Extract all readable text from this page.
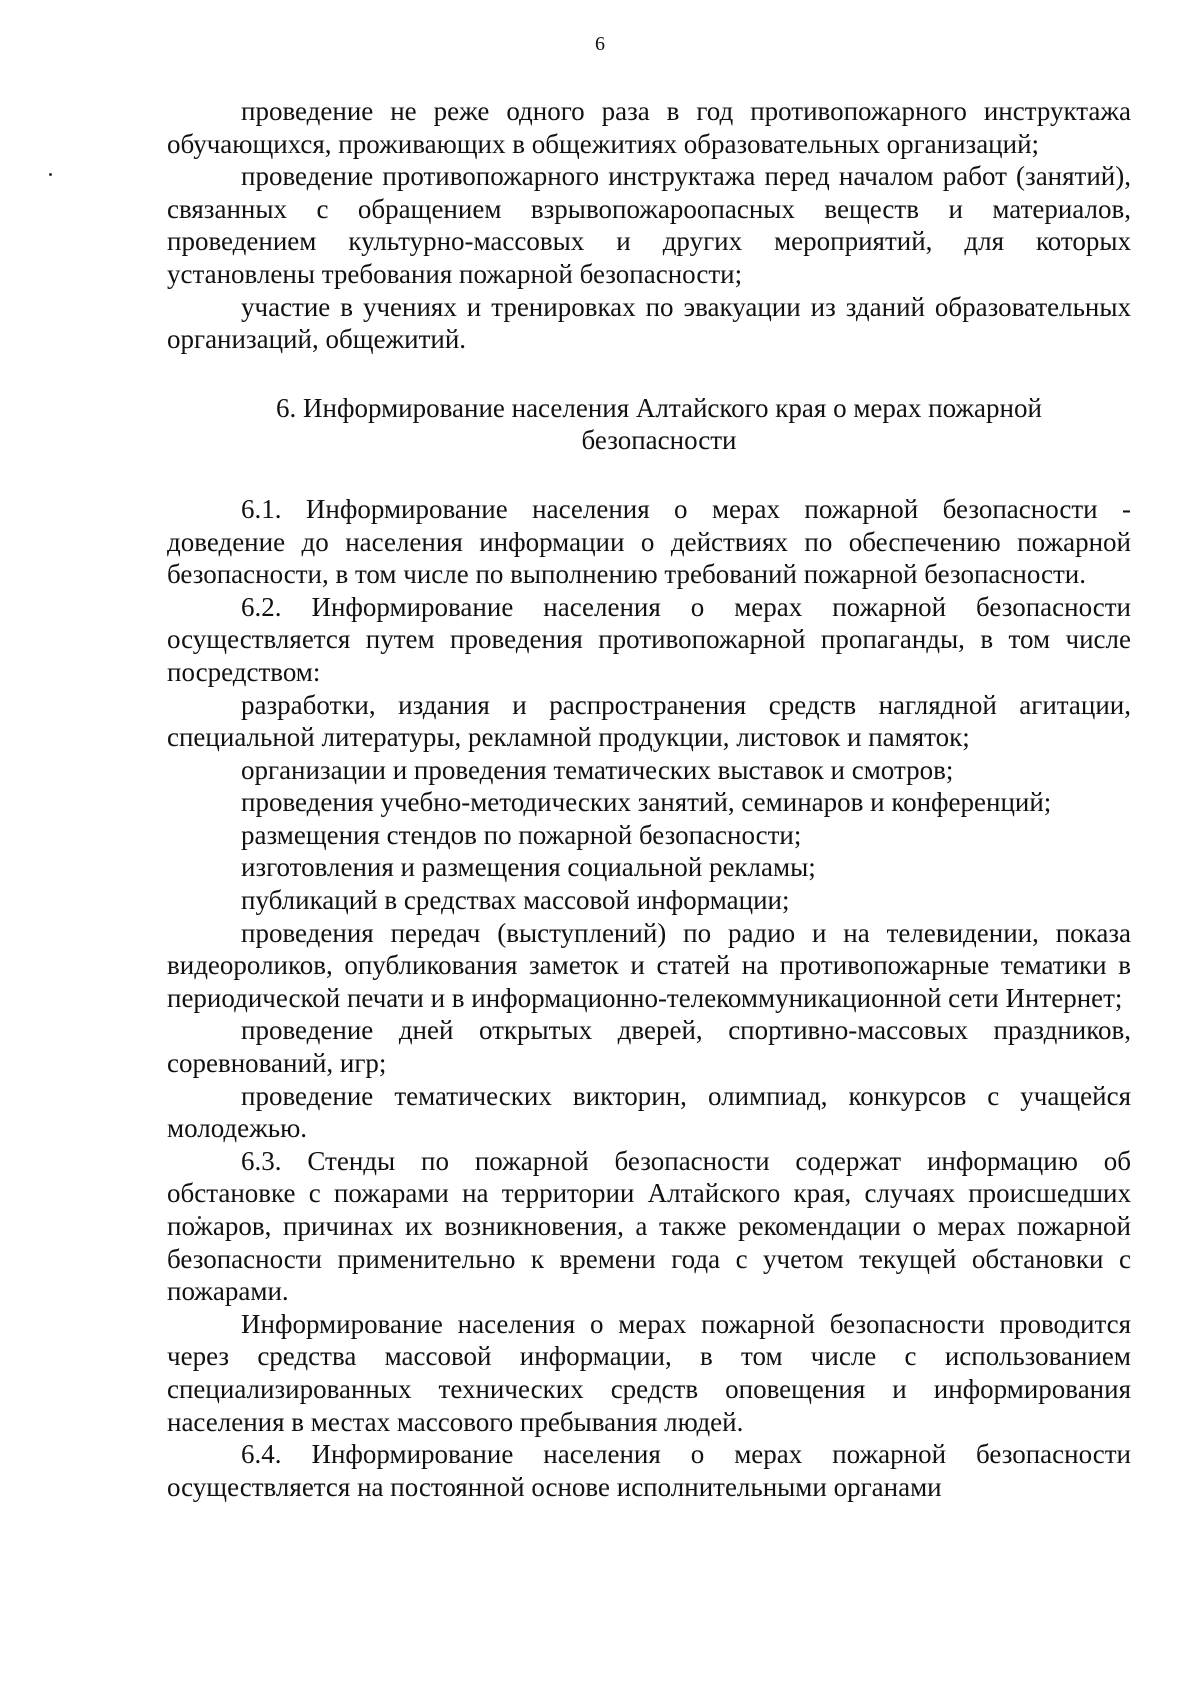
6

проведение не реже одного раза в год противопожарного инструктажа обучающихся, проживающих в общежитиях образовательных организаций;

проведение противопожарного инструктажа перед началом работ (занятий), связанных с обращением взрывопожароопасных веществ и материалов, проведением культурно-массовых и других мероприятий, для которых установлены требования пожарной безопасности;

участие в учениях и тренировках по эвакуации из зданий образовательных организаций, общежитий.

6. Информирование населения Алтайского края о мерах пожарной безопасности

6.1. Информирование населения о мерах пожарной безопасности - доведение до населения информации о действиях по обеспечению пожарной безопасности, в том числе по выполнению требований пожарной безопасности.

6.2. Информирование населения о мерах пожарной безопасности осуществляется путем проведения противопожарной пропаганды, в том числе посредством:

разработки, издания и распространения средств наглядной агитации, специальной литературы, рекламной продукции, листовок и памяток;

организации и проведения тематических выставок и смотров;

проведения учебно-методических занятий, семинаров и конференций;

размещения стендов по пожарной безопасности;

изготовления и размещения социальной рекламы;

публикаций в средствах массовой информации;

проведения передач (выступлений) по радио и на телевидении, показа видеороликов, опубликования заметок и статей на противопожарные тематики в периодической печати и в информационно-телекоммуникационной сети Интернет;

проведение дней открытых дверей, спортивно-массовых праздников, соревнований, игр;

проведение тематических викторин, олимпиад, конкурсов с учащейся молодежью.

6.3. Стенды по пожарной безопасности содержат информацию об обстановке с пожарами на территории Алтайского края, случаях происшедших пожаров, причинах их возникновения, а также рекомендации о мерах пожарной безопасности применительно к времени года с учетом текущей обстановки с пожарами.

Информирование населения о мерах пожарной безопасности проводится через средства массовой информации, в том числе с использованием специализированных технических средств оповещения и информирования населения в местах массового пребывания людей.

6.4. Информирование населения о мерах пожарной безопасности осуществляется на постоянной основе исполнительными органами
